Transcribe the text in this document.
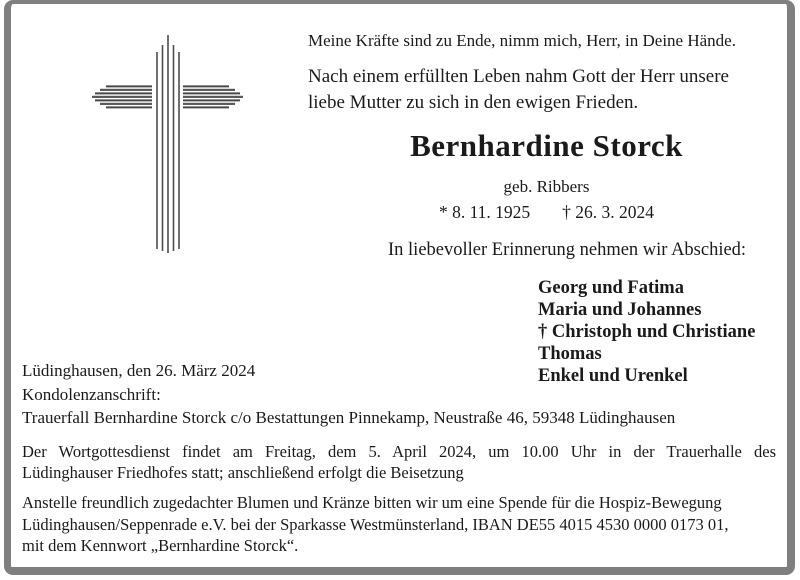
Meine Kräfte sind zu Ende, nimm mich, Herr, in Deine Hände.
Nach einem erfüllten Leben nahm Gott der Herr unsere
liebe Mutter zu sich in den ewigen Frieden.
Bernhardine Storck
geb. Ribbers
* 8. 11. 1925 † 26. 3. 2024
In liebevoller Erinnerung nehmen wir Abschied:
Georg und Fatima
Maria und Johannes
† Christoph und Christiane
Thomas
Enkel und Urenkel
Lüdinghausen, den 26. März 2024
Kondolenzanschrift:
Trauerfall Bernhardine Storck c/o Bestattungen Pinnekamp, Neustraße 46, 59348 Lüdinghausen
Der Wortgottesdienst findet am Freitag, dem 5. April 2024, um 10.00 Uhr in der Trauerhalle des
Lüdinghauser Friedhofes statt; anschließend erfolgt die Beisetzung
Anstelle freundlich zugedachter Blumen und Kränze bitten wir um eine Spende für die Hospiz-Bewegung
Lüdinghausen/Seppenrade e.V. bei der Sparkasse Westmünsterland, IBAN DE55 4015 4530 0000 0173 01,
mit dem Kennwort „Bernhardine Storck“.
